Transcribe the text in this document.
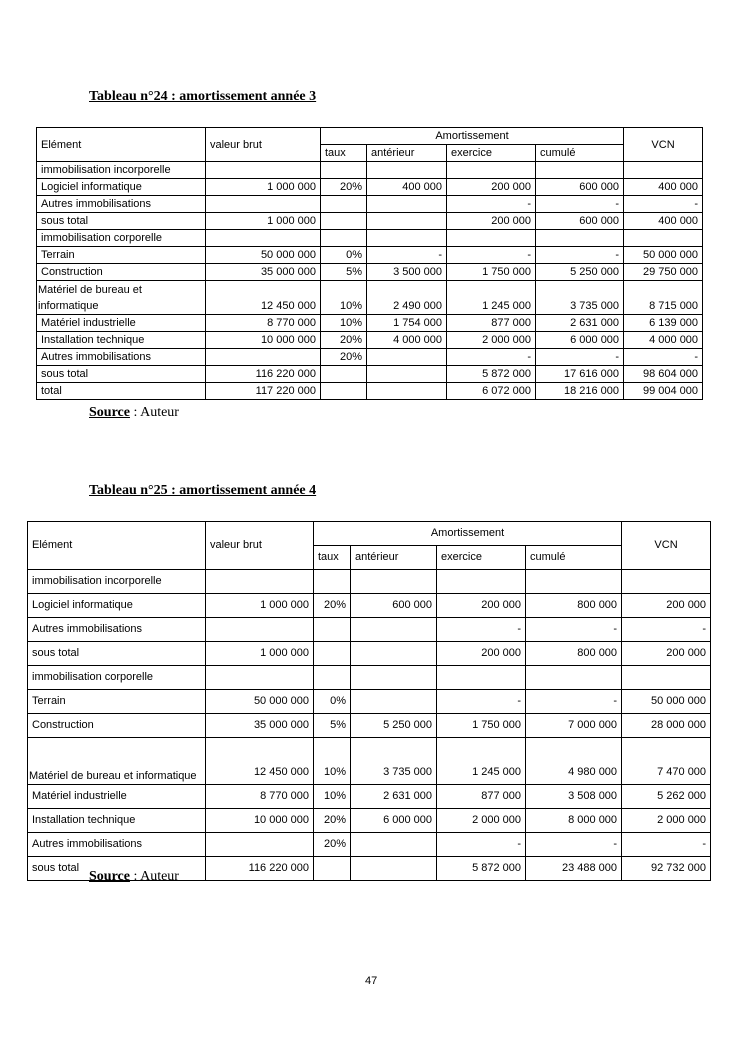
Tableau n°24 : amortissement année 3
Elément	valeur brut	Amortissement				VCN
		taux	antérieur	exercice	cumulé	
immobilisation incorporelle						
Logiciel informatique	1 000 000	20%	400 000	200 000	600 000	400 000
Autres immobilisations				-	-	-
sous total	1 000 000			200 000	600 000	400 000
immobilisation corporelle						
Terrain	50 000 000	0%	-	-	-	50 000 000
Construction	35 000 000	5%	3 500 000	1 750 000	5 250 000	29 750 000
Matériel de bureau et informatique	12 450 000	10%	2 490 000	1 245 000	3 735 000	8 715 000
Matériel industrielle	8 770 000	10%	1 754 000	877 000	2 631 000	6 139 000
Installation technique	10 000 000	20%	4 000 000	2 000 000	6 000 000	4 000 000
Autres immobilisations		20%		-	-	-
sous total	116 220 000			5 872 000	17 616 000	98 604 000
total	117 220 000			6 072 000	18 216 000	99 004 000
Source : Auteur
Tableau n°25 : amortissement année 4
Elément	valeur brut	Amortissement				VCN
		taux	antérieur	exercice	cumulé	
immobilisation incorporelle						
Logiciel informatique	1 000 000	20%	600 000	200 000	800 000	200 000
Autres immobilisations				-	-	-
sous total	1 000 000			200 000	800 000	200 000
immobilisation corporelle						
Terrain	50 000 000	0%		-	-	50 000 000
Construction	35 000 000	5%	5 250 000	1 750 000	7 000 000	28 000 000
Matériel de bureau et informatique	12 450 000	10%	3 735 000	1 245 000	4 980 000	7 470 000
Matériel industrielle	8 770 000	10%	2 631 000	877 000	3 508 000	5 262 000
Installation technique	10 000 000	20%	6 000 000	2 000 000	8 000 000	2 000 000
Autres immobilisations		20%		-	-	-
sous total	116 220 000			5 872 000	23 488 000	92 732 000
Source : Auteur
47
